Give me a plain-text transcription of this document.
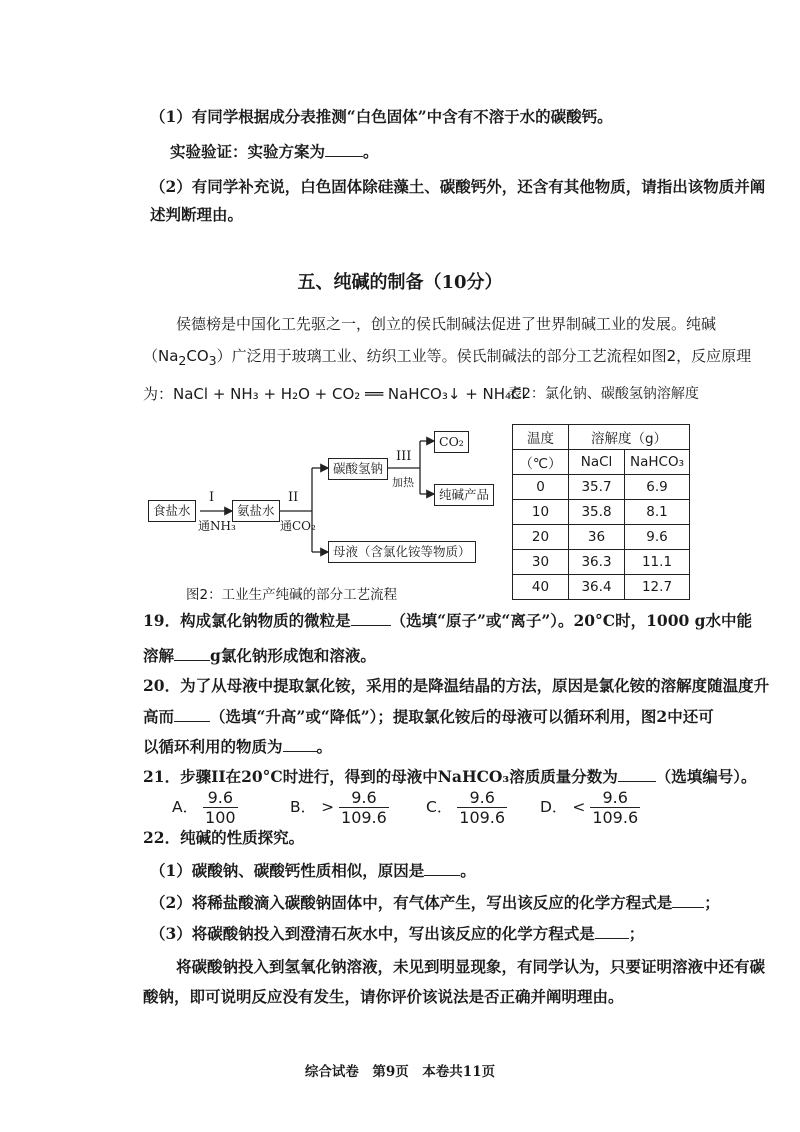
（1）有同学根据成分表推测“白色固体”中含有不溶于水的碳酸钙。
实验验证：实验方案为 。
（2）有同学补充说，白色固体除硅藻土、碳酸钙外，还含有其他物质，请指出该物质并阐
述判断理由。
五、纯碱的制备（10分）
侯德榜是中国化工先驱之一，创立的侯氏制碱法促进了世界制碱工业的发展。纯碱
$(Na_2CO_3)$广泛用于玻璃工业、纺织工业等。侯氏制碱法的部分工艺流程如图2，反应原理
为：NaCl + NH₃ + H₂O + CO₂ ══ NaHCO₃↓ + NH₄Cl
表2：氯化钠、碳酸氢钠溶解度
温度	溶解度（g）	
（℃）	NaCl	NaHCO₃
0	35.7	6.9
10	35.8	8.1
20	36	9.6
30	36.3	11.1
40	36.4	12.7
食盐水	氨盐水
碳酸氢钠
CO₂
纯碱产品
母液（含氯化铵等物质）
I
通NH₃
II
通CO₂
III
加热
图2：工业生产纯碱的部分工艺流程
19．构成氯化钠物质的微粒是	（选填“原子”或“离子”）。20°C时，1000 g水中能
溶解 g氯化钠形成饱和溶液。
20．为了从母液中提取氯化铵，采用的是降温结晶的方法，原因是氯化铵的溶解度随温度升
高而 （选填“升高”或“降低”）；提取氯化铵后的母液可以循环利用，图2中还可
以循环利用的物质为 。
21．步骤II在20°C时进行，得到的母液中NaHCO₃溶质质量分数为 （选填编号）。
A． $\frac{9.6}{100}$	B． > $\frac{9.6}{109.6}$ C． $\frac{9.6}{109.6}$ D． < $\frac{9.6}{109.6}$
22．纯碱的性质探究。
（1）碳酸钠、碳酸钙性质相似，原因是 。
（2）将稀盐酸滴入碳酸钠固体中，有气体产生，写出该反应的化学方程式是 ；
（3）将碳酸钠投入到澄清石灰水中，写出该反应的化学方程式是 ；
将碳酸钠投入到氢氧化钠溶液，未见到明显现象，有同学认为，只要证明溶液中还有碳
酸钠，即可说明反应没有发生，请你评价该说法是否正确并阐明理由。
综合试卷　第9页　本卷共11页
